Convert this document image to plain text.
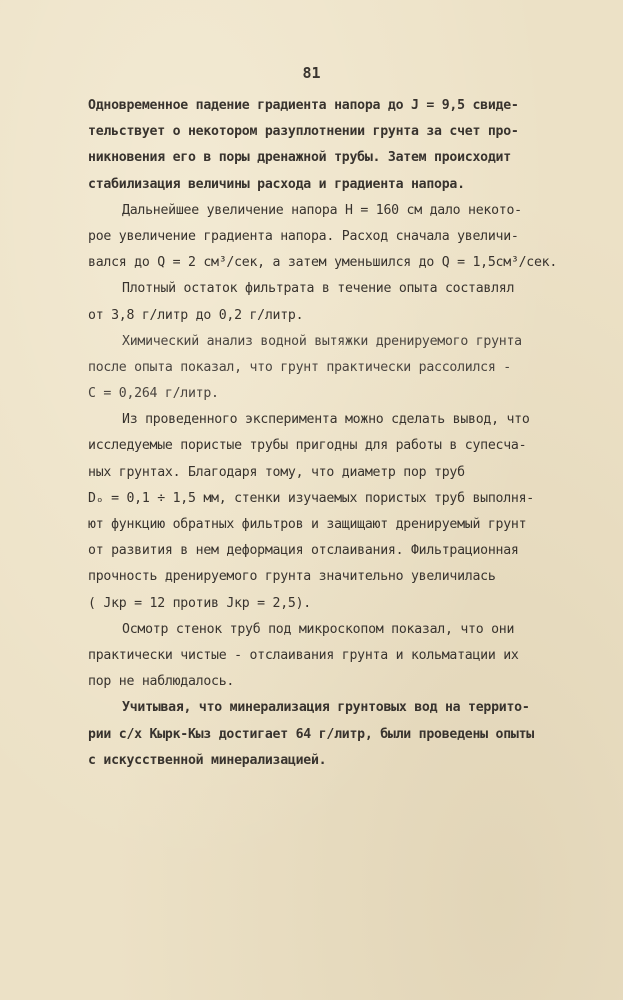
81
Одновременное падение градиента напора до J = 9,5 свиде-
тельствует о некотором разуплотнении грунта за счет про-
никновения его в поры дренажной трубы. Затем происходит
стабилизация величины расхода и градиента напора.
Дальнейшее увеличение напора Н = 160 см дало некото-
рое увеличение градиента напора. Расход сначала увеличи-
вался до Q = 2 см³/сек, а затем уменьшился до Q = 1,5см³/сек.
Плотный остаток фильтрата в течение опыта составлял
от 3,8 г/литр до 0,2 г/литр.
Химический анализ водной вытяжки дренируемого грунта
после опыта показал, что грунт практически рассолился -
С = 0,264 г/литр.
Из проведенного эксперимента можно сделать вывод, что
исследуемые пористые трубы пригодны для работы в супесча-
ных грунтах. Благодаря тому, что диаметр пор труб
Dₒ = 0,1 ÷ 1,5 мм, стенки изучаемых пористых труб выполня-
ют функцию обратных фильтров и защищают дренируемый грунт
от развития в нем деформация отслаивания. Фильтрационная
прочность дренируемого грунта значительно увеличилась
( Jкр = 12 против Jкр = 2,5).
Осмотр стенок труб под микроскопом показал, что они
практически чистые - отслаивания грунта и кольматации их
пор не наблюдалось.
Учитывая, что минерализация грунтовых вод на террито-
рии с/х Кырк-Кыз достигает 64 г/литр, были проведены опыты
с искусственной минерализацией.
